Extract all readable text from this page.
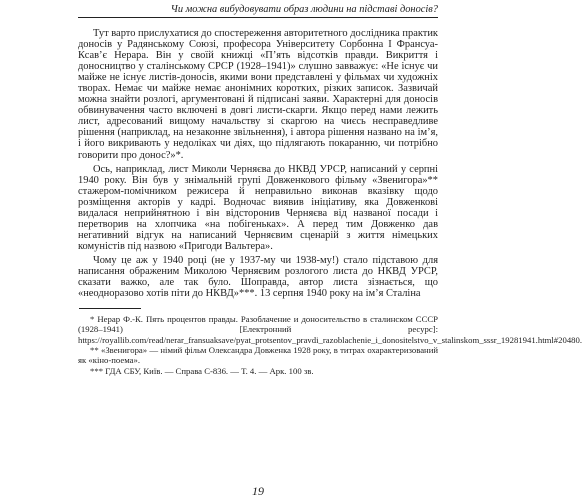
Чи можна вибудовувати образ людини на підставі доносів?

Тут варто прислухатися до спостереження авторитетного дослідника практик доносів у Радянському Союзі, професора Університету Сорбонна І Франсуа-Ксав’є Нерара. Він у своїй книжці «П’ять відсотків правди. Викриття і доносництво у сталінському СРСР (1928–1941)» слушно завважує: «Не існує чи майже не існує листів-доносів, якими вони представлені у фільмах чи художніх творах. Немає чи майже немає анонімних коротких, різких записок. Зазвичай можна знайти розлогі, аргументовані й підписані заяви. Характерні для доносів обвинувачення часто включені в довгі листи-скарги. Якщо перед нами лежить лист, адресований вищому начальству зі скаргою на чиєсь несправедливе рішення (наприклад, на незаконне звільнення), і автора рішення названо на ім’я, і його викривають у недоліках чи діях, що підлягають покаранню, чи потрібно говорити про донос?»*.

Ось, наприклад, лист Миколи Черняєва до НКВД УРСР, написаний у серпні 1940 року. Він був у знімальній групі Довженкового фільму «Звенигора»** стажером-помічником режисера й неправильно виконав вказівку щодо розміщення акторів у кадрі. Водночас виявив ініціативу, яка Довженкові видалася неприйнятною і він відсторонив Черняєва від названої посади і перетворив на хлопчика «на побігеньках». А перед тим Довженко дав негативний відгук на написаний Черняєвим сценарій з життя німецьких комуністів під назвою «Пригоди Вальтера».

Чому це аж у 1940 році (не у 1937-му чи 1938-му!) стало підставою для написання ображеним Миколою Черняєвим розлогого листа до НКВД УРСР, сказати важко, але так було. Шоправда, автор листа зізнається, що «неодноразово хотів піти до НКВД»***. 13 серпня 1940 року на ім’я Сталіна

* Нерар Ф.-К. Пять процентов правды. Разоблачение и доносительство в сталинском СССР (1928–1941) [Електронний ресурс]: https://royallib.com/read/nerar_fransuaksave/pyat_protsentov_pravdi_razoblachenie_i_donositelstvo_v_stalinskom_sssr_19281941.html#20480.

** «Звенигора» — німий фільм Олександра Довженка 1928 року, в титрах охарактеризований як «кіно-поема».

*** ГДА СБУ, Київ. — Справа С-836. — Т. 4. — Арк. 100 зв.

19
